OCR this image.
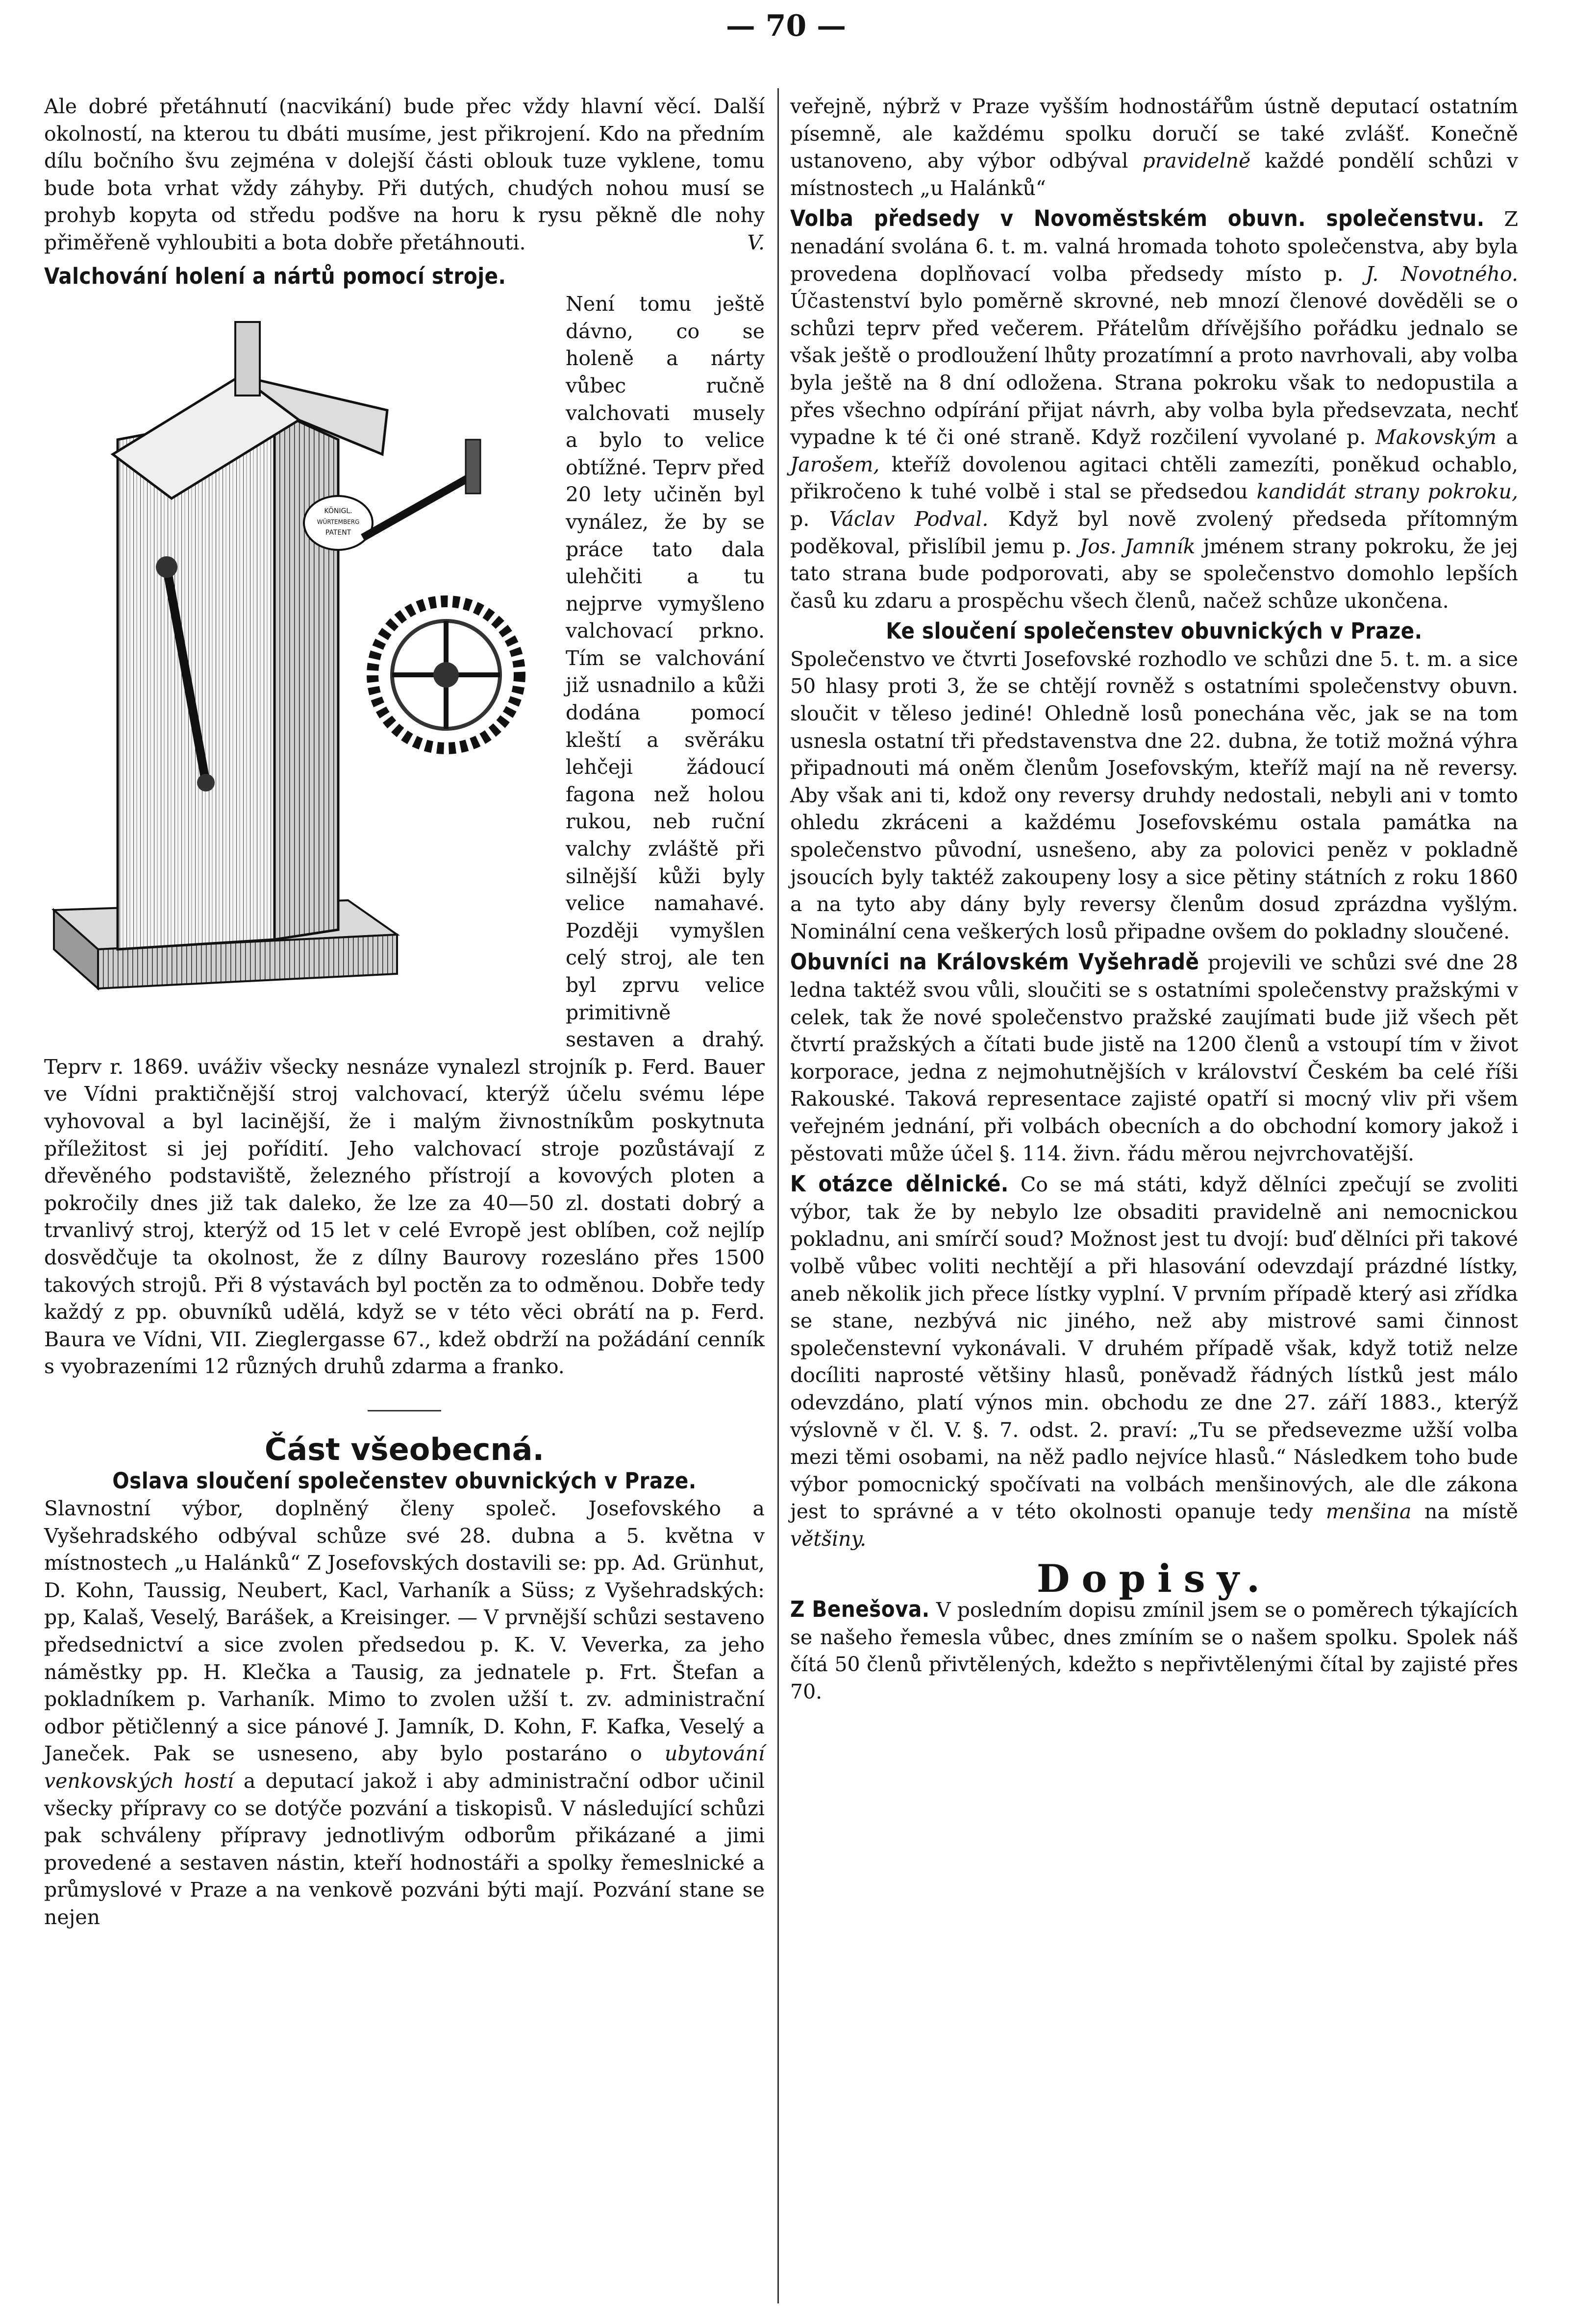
— 70 —

Ale dobré přetáhnutí (nacvikání) bude přec vždy hlavní věcí. Další okolností, na kterou tu dbáti musíme, jest přikrojení. Kdo na předním dílu bočního švu zejména v dolejší části oblouk tuze vyklene, tomu bude bota vrhat vždy záhyby. Při dutých, chudých nohou musí se prohyb kopyta od středu podšve na horu k rysu pěkně dle nohy přiměřeně vyhloubiti a bota dobře přetáhnouti.	V.

Valchování holení a nártů pomocí stroje.

KÖNIGL.
WÜRTEMBERG
PATENT
Není tomu ještě dávno, co se holeně a nárty vůbec ručně valchovati musely a bylo to velice obtížné. Teprv před 20 lety učiněn byl vynález, že by se práce tato dala ulehčiti a tu nejprve vymyšleno valchovací prkno. Tím se valchování již usnadnilo a kůži dodána pomocí kleští a svěráku lehčeji žádoucí fagona než holou rukou, neb ruční valchy zvláště při silnější kůži byly velice namahavé. Později vymyšlen celý stroj, ale ten byl zprvu velice primitivně sestaven a drahý. Teprv r. 1869. uváživ všecky nesnáze vynalezl strojník p. Ferd. Bauer ve Vídni praktičnější stroj valchovací, kterýž účelu svému lépe vyhovoval a byl lacinější, že i malým živnostníkům poskytnuta příležitost si jej pořídití. Jeho valchovací stroje pozůstávají z dřevěného podstaviště, železného přístrojí a kovových ploten a pokročily dnes již tak daleko, že lze za 40—50 zl. dostati dobrý a trvanlivý stroj, kterýž od 15 let v celé Evropě jest oblíben, což nejlíp dosvědčuje ta okolnost, že z dílny Baurovy rozesláno přes 1500 takových strojů. Při 8 výstavách byl poctěn za to odměnou. Dobře tedy každý z pp. obuvníků udělá, když se v této věci obrátí na p. Ferd. Baura ve Vídni, VII. Zieglergasse 67., kdež obdrží na požádání cenník s vyobrazeními 12 různých druhů zdarma a franko.

Část všeobecná.

Oslava sloučení společenstev obuvnických v Praze.

Slavnostní výbor, doplněný členy společ. Josefovského a Vyšehradského odbýval schůze své 28. dubna a 5. května v místnostech „u Halánků“ Z Josefovských dostavili se: pp. Ad. Grünhut, D. Kohn, Taussig, Neubert, Kacl, Varhaník a Süss; z Vyšehradských: pp, Kalaš, Veselý, Barášek, a Kreisinger. — V prvnější schůzi sestaveno předsednictví a sice zvolen předsedou p. K. V. Veverka, za jeho náměstky pp. H. Klečka a Tausig, za jednatele p. Frt. Štefan a pokladníkem p. Varhaník. Mimo to zvolen užší t. zv. administrační odbor pětičlenný a sice pánové J. Jamník, D. Kohn, F. Kafka, Veselý a Janeček. Pak se usneseno, aby bylo postaráno o ubytování venkovských hostí a deputací jakož i aby administrační odbor učinil všecky přípravy co se dotýče pozvání a tiskopisů. V následující schůzi pak schváleny přípravy jednotlivým odborům přikázané a jimi provedené a sestaven nástin, kteří hodnostáři a spolky řemeslnické a průmyslové v Praze a na venkově pozváni býti mají. Pozvání stane se nejen

veřejně, nýbrž v Praze vyšším hodnostářům ústně deputací ostatním písemně, ale každému spolku doručí se také zvlášť. Konečně ustanoveno, aby výbor odbýval pravidelně každé pondělí schůzi v místnostech „u Halánků“

Volba předsedy v Novoměstském obuvn. společenstvu. Z nenadání svolána 6. t. m. valná hromada tohoto společenstva, aby byla provedena doplňovací volba předsedy místo p. J. Novotného. Účastenství bylo poměrně skrovné, neb mnozí členové dověděli se o schůzi teprv před večerem. Přátelům dřívějšího pořádku jednalo se však ještě o prodloužení lhůty prozatímní a proto navrhovali, aby volba byla ještě na 8 dní odložena. Strana pokroku však to nedopustila a přes všechno odpírání přijat návrh, aby volba byla předsevzata, nechť vypadne k té či oné straně. Když rozčilení vyvolané p. Makovským a Jarošem, kteříž dovolenou agitaci chtěli zamezíti, poněkud ochablo, přikročeno k tuhé volbě i stal se předsedou kandidát strany pokroku, p. Václav Podval. Když byl nově zvolený předseda přítomným poděkoval, přislíbil jemu p. Jos. Jamník jménem strany pokroku, že jej tato strana bude podporovati, aby se společenstvo domohlo lepších časů ku zdaru a prospěchu všech členů, načež schůze ukončena.

Ke sloučení společenstev obuvnických v Praze.

Společenstvo ve čtvrti Josefovské rozhodlo ve schůzi dne 5. t. m. a sice 50 hlasy proti 3, že se chtějí rovněž s ostatními společenstvy obuvn. sloučit v těleso jediné! Ohledně losů ponechána věc, jak se na tom usnesla ostatní tři představenstva dne 22. dubna, že totiž možná výhra připadnouti má oněm členům Josefovským, kteříž mají na ně reversy. Aby však ani ti, kdož ony reversy druhdy nedostali, nebyli ani v tomto ohledu zkráceni a každému Josefovskému ostala památka na společenstvo původní, usnešeno, aby za polovici peněz v pokladně jsoucích byly taktéž zakoupeny losy a sice pětiny státních z roku 1860 a na tyto aby dány byly reversy členům dosud zprázdna vyšlým. Nominální cena veškerých losů připadne ovšem do pokladny sloučené.

Obuvníci na Královském Vyšehradě projevili ve schůzi své dne 28 ledna taktéž svou vůli, sloučiti se s ostatními společenstvy pražskými v celek, tak že nové společenstvo pražské zaujímati bude již všech pět čtvrtí pražských a čítati bude jistě na 1200 členů a vstoupí tím v život korporace, jedna z nejmohutnějších v království Českém ba celé říši Rakouské. Taková representace zajisté opatří si mocný vliv při všem veřejném jednání, při volbách obecních a do obchodní komory jakož i pěstovati může účel §. 114. živn. řádu měrou nejvrchovatější.

K otázce dělnické. Co se má státi, když dělníci zpečují se zvoliti výbor, tak že by nebylo lze obsaditi pravidelně ani nemocnickou pokladnu, ani smírčí soud? Možnost jest tu dvojí: buď dělníci při takové volbě vůbec voliti nechtějí a při hlasování odevzdají prázdné lístky, aneb několik jich přece lístky vyplní. V prvním případě který asi zřídka se stane, nezbývá nic jiného, než aby mistrové sami činnost společenstevní vykonávali. V druhém případě však, když totiž nelze docíliti naprosté většiny hlasů, poněvadž řádných lístků jest málo odevzdáno, platí výnos min. obchodu ze dne 27. září 1883., kterýž výslovně v čl. V. §. 7. odst. 2. praví: „Tu se předsevezme užší volba mezi těmi osobami, na něž padlo nejvíce hlasů.“ Následkem toho bude výbor pomocnický spočívati na volbách menšinových, ale dle zákona jest to správné a v této okolnosti opanuje tedy menšina na místě většiny.

Dopisy.

Z Benešova. V posledním dopisu zmínil jsem se o poměrech týkajících se našeho řemesla vůbec, dnes zmíním se o našem spolku. Spolek náš čítá 50 členů přivtělených, kdežto s nepřivtělenými čítal by zajisté přes 70.
